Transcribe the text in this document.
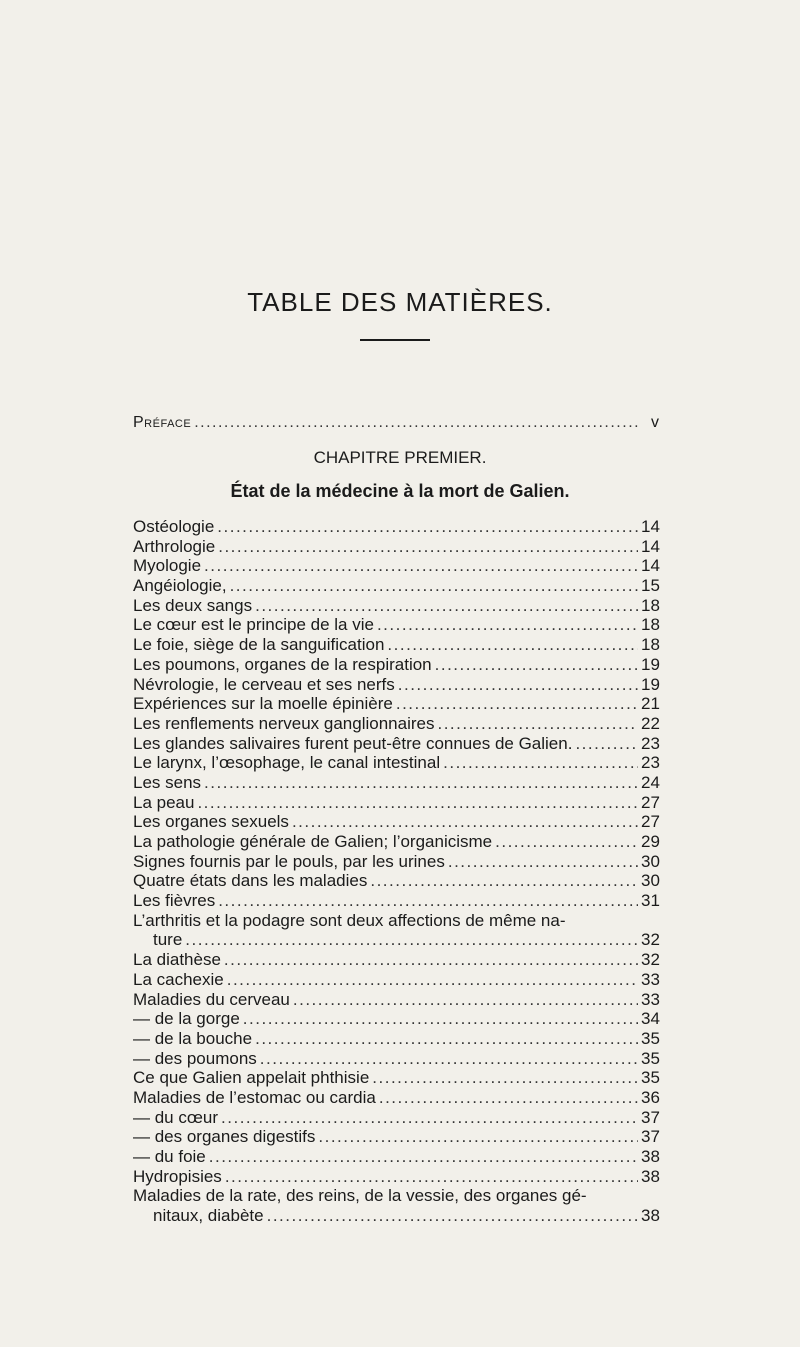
TABLE DES MATIÈRES.
Préface .....	v
CHAPITRE PREMIER.
État de la médecine à la mort de Galien.
Ostéologie .....	14
Arthrologie .....	14
Myologie .....	14
Angéiologie, .....	15
Les deux sangs .....	18
Le cœur est le principe de la vie .....	18
Le foie, siège de la sanguification .....	18
Les poumons, organes de la respiration .....	19
Névrologie, le cerveau et ses nerfs .....	19
Expériences sur la moelle épinière .....	21
Les renflements nerveux ganglionnaires .....	22
Les glandes salivaires furent peut-être connues de Galien. .....	23
Le larynx, l’œsophage, le canal intestinal .....	23
Les sens .....	24
La peau .....	27
Les organes sexuels .....	27
La pathologie générale de Galien; l’organicisme .....	29
Signes fournis par le pouls, par les urines .....	30
Quatre états dans les maladies .....	30
Les fièvres .....	31
L’arthritis et la podagre sont deux affections de même na-
ture .....	32
La diathèse .....	32
La cachexie .....	33
Maladies du cerveau .....	33
— de la gorge .....	34
— de la bouche .....	35
— des poumons .....	35
Ce que Galien appelait phthisie .....	35
Maladies de l’estomac ou cardia .....	36
— du cœur .....	37
— des organes digestifs .....	37
— du foie .....	38
Hydropisies .....	38
Maladies de la rate, des reins, de la vessie, des organes gé-
nitaux, diabète .....	38
